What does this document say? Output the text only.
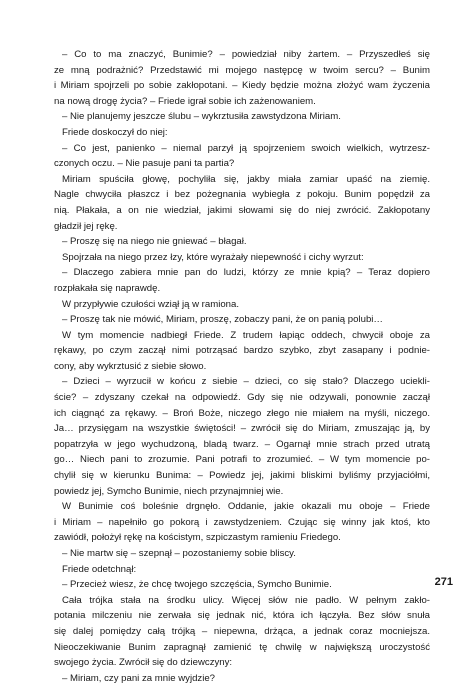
– Co to ma znaczyć, Bunimie? – powiedział niby żartem. – Przyszedłeś się
ze mną podrażnić? Przedstawić mi mojego następcę w twoim sercu? – Bunim
i Miriam spojrzeli po sobie zakłopotani. – Kiedy będzie można złożyć wam życzenia
na nową drogę życia? – Friede igrał sobie ich zażenowaniem.
– Nie planujemy jeszcze ślubu – wykrztusiła zawstydzona Miriam.
Friede doskoczył do niej:
– Co jest, panienko – niemal parzył ją spojrzeniem swoich wielkich, wytrzesz-
czonych oczu. – Nie pasuje pani ta partia?
Miriam spuściła głowę, pochyliła się, jakby miała zamiar upaść na ziemię.
Nagle chwyciła płaszcz i bez pożegnania wybiegła z pokoju. Bunim popędził za
nią. Płakała, a on nie wiedział, jakimi słowami się do niej zwrócić. Zakłopotany
gładził jej rękę.
– Proszę się na niego nie gniewać – błagał.
Spojrzała na niego przez łzy, które wyrażały niepewność i cichy wyrzut:
– Dlaczego zabiera mnie pan do ludzi, którzy ze mnie kpią? – Teraz dopiero
rozpłakała się naprawdę.
W przypływie czułości wziął ją w ramiona.
– Proszę tak nie mówić, Miriam, proszę, zobaczy pani, że on panią polubi…
W tym momencie nadbiegł Friede. Z trudem łapiąc oddech, chwycił oboje za
rękawy, po czym zaczął nimi potrząsać bardzo szybko, zbyt zasapany i podnie-
cony, aby wykrztusić z siebie słowo.
– Dzieci – wyrzucił w końcu z siebie – dzieci, co się stało? Dlaczego uciekli-
ście? – zdyszany czekał na odpowiedź. Gdy się nie odzywali, ponownie zaczął
ich ciągnąć za rękawy. – Broń Boże, niczego złego nie miałem na myśli, niczego.
Ja… przysięgam na wszystkie świętości! – zwrócił się do Miriam, zmuszając ją, by
popatrzyła w jego wychudzoną, bladą twarz. – Ogarnął mnie strach przed utratą
go… Niech pani to zrozumie. Pani potrafi to zrozumieć. – W tym momencie po-
chylił się w kierunku Bunima: – Powiedz jej, jakimi bliskimi byliśmy przyjaciółmi,
powiedz jej, Symcho Bunimie, niech przynajmniej wie.
W Bunimie coś boleśnie drgnęło. Oddanie, jakie okazali mu oboje – Friede
i Miriam – napełniło go pokorą i zawstydzeniem. Czując się winny jak ktoś, kto
zawiódł, położył rękę na kościstym, szpiczastym ramieniu Friedego.
– Nie martw się – szepnął – pozostaniemy sobie bliscy.
Friede odetchnął:
– Przecież wiesz, że chcę twojego szczęścia, Symcho Bunimie.
Cała trójka stała na środku ulicy. Więcej słów nie padło. W pełnym zakło-
potania milczeniu nie zerwała się jednak nić, która ich łączyła. Bez słów snuła
się dalej pomiędzy całą trójką – niepewna, drżąca, a jednak coraz mocniejsza.
Nieoczekiwanie Bunim zapragnął zamienić tę chwilę w największą uroczystość
swojego życia. Zwrócił się do dziewczyny:
– Miriam, czy pani za mnie wyjdzie?
271
